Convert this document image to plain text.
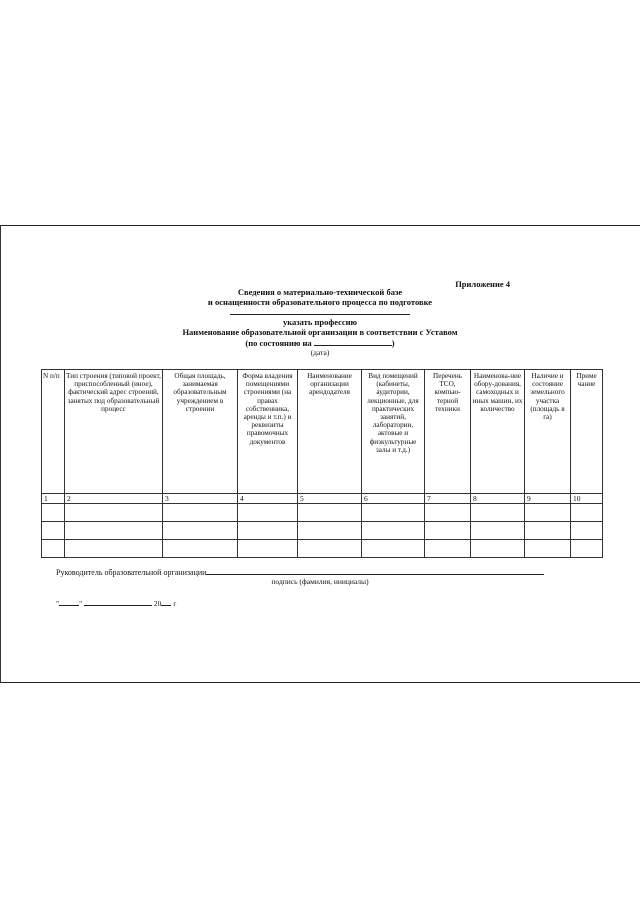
Приложение 4
Сведения о материально-технической базе
и оснащенности образовательного процесса по подготовке
указать профессию
Наименование образовательной организации в соответствии с Уставом
(по состоянию на	)
(дата)
N п/п	Тип строения (типовой проект, приспособленный (иное), фактический адрес строений, занятых под образовательный процесс	Общая площадь, занимаемая образовательным учреждением в строении	Форма владения помещениями строениями (на правах собственника, аренды и т.п.) и реквизиты правомочных документов	Наименование организации арендодателя	Вид помещений (кабинеты, аудитории, лекционные, для практических занятий, лаборатории, актовые и физкультурные залы и т.д.)	Перечень ТСО, компью-терной техники	Наименова-ние обору-дования, самоходных и иных машин, их количество	Наличие и состояние земельного участка (площадь в га)	Приме чание
1	2	3	4	5	6	7	8	9	10

Руководитель образовательной организации
подпись (фамилия, инициалы)
"	"	20 г
